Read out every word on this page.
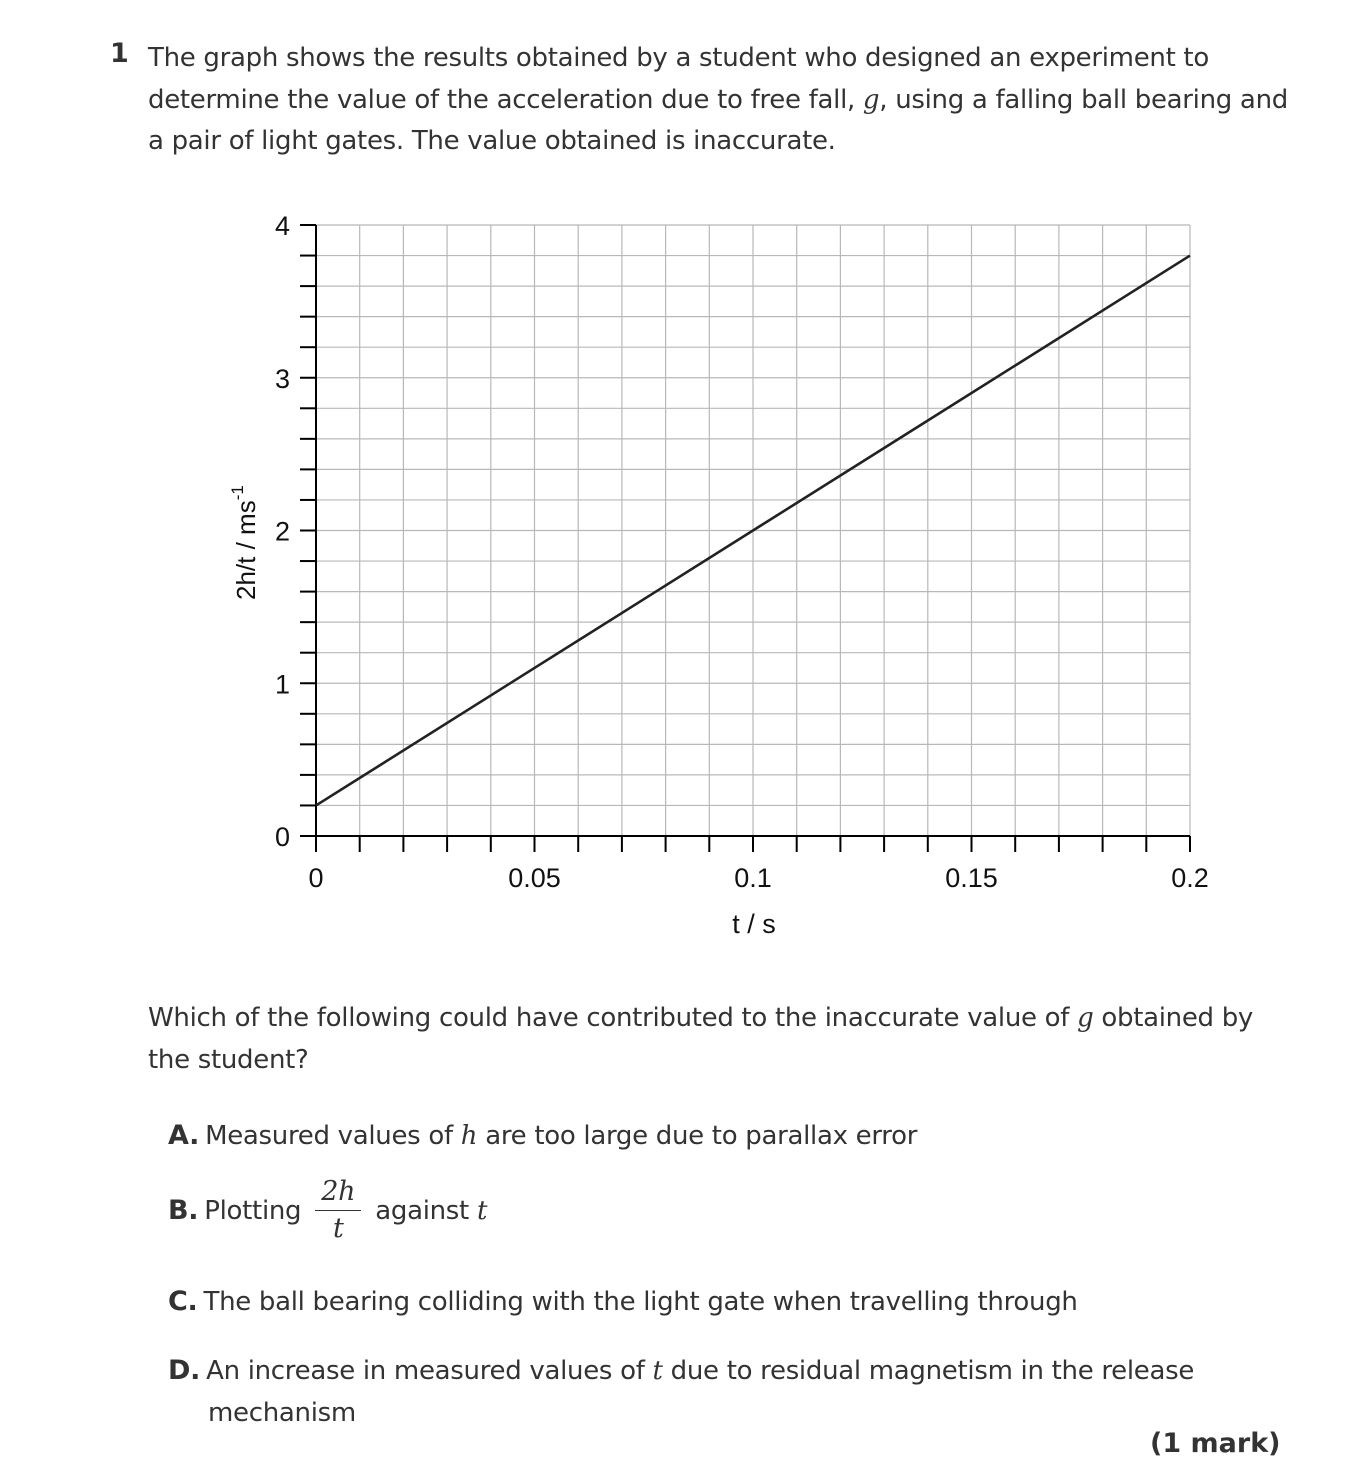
1 The graph shows the results obtained by a student who designed an experiment to determine the value of the acceleration due to free fall, g, using a falling ball bearing and a pair of light gates. The value obtained is inaccurate.
0	0.05	0.1	0.15	0.2
0
1
2
3
4
t / s
$2h/t / ms^{-1}$
Which of the following could have contributed to the inaccurate value of g obtained by the student?
A. Measured values of h are too large due to parallax error
B. Plotting $\frac{2h}{t}$ against t
C. The ball bearing colliding with the light gate when travelling through
D. An increase in measured values of t due to residual magnetism in the release mechanism
(1 mark)
